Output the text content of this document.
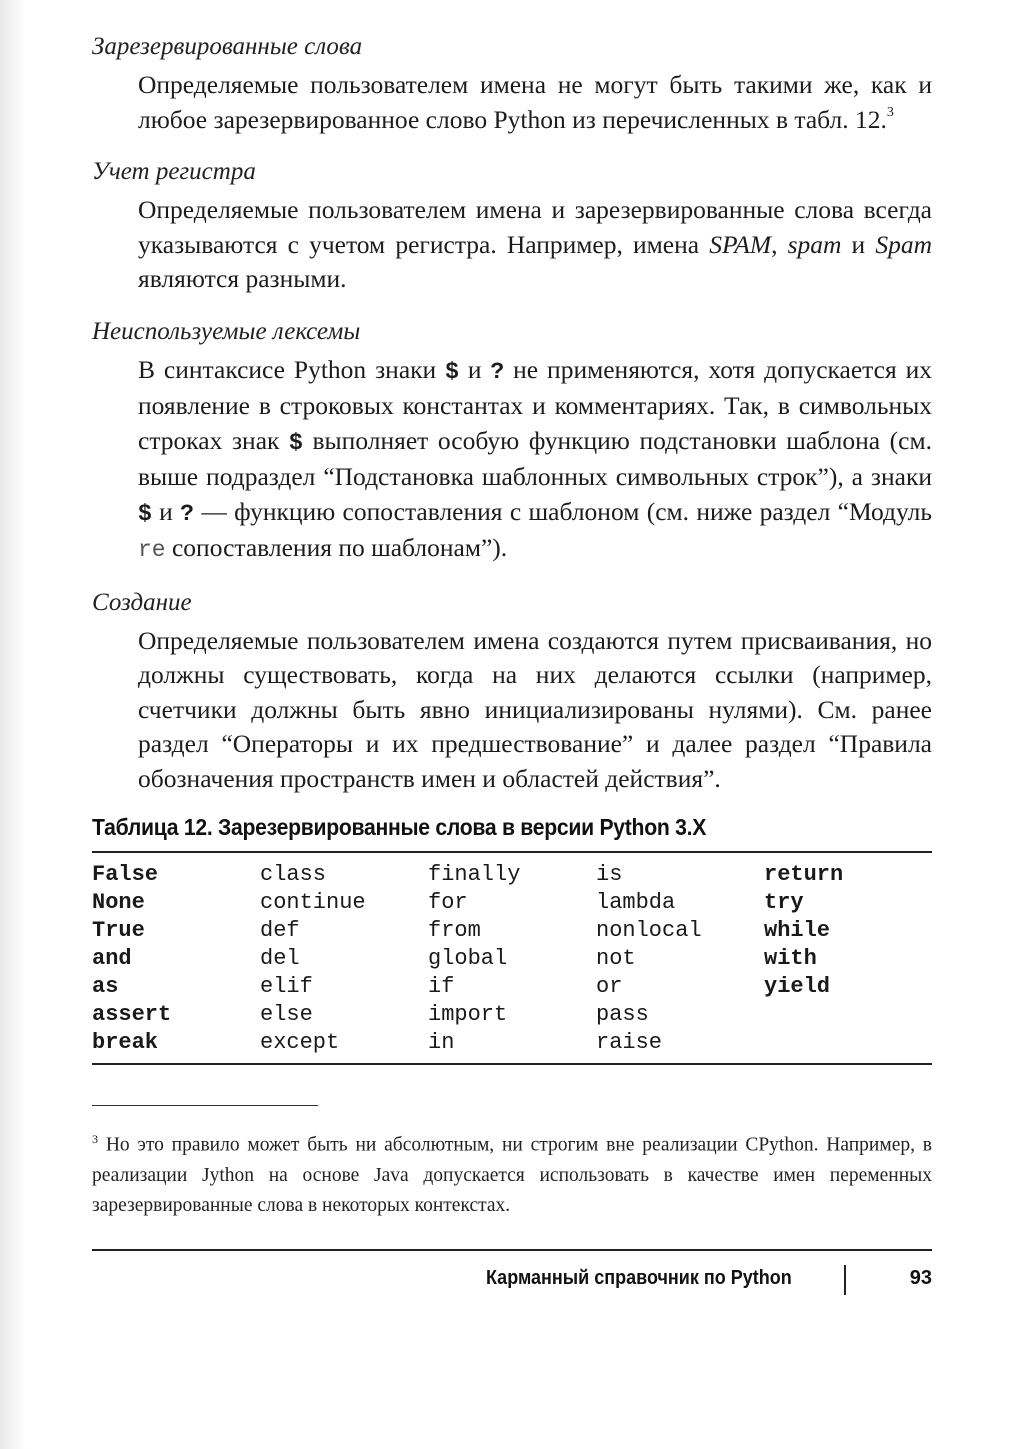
Зарезервированные слова

Определяемые пользователем имена не могут быть такими же, как и любое зарезервированное слово Python из перечисленных в табл. 12.$^3$

Учет регистра

Определяемые пользователем имена и зарезервированные слова всегда указываются с учетом регистра. Например, имена SPAM, spam и Spam являются разными.

Неиспользуемые лексемы

В синтаксисе Python знаки $ и ? не применяются, хотя допускается их появление в строковых константах и комментариях. Так, в символьных строках знак $ выполняет особую функцию подстановки шаблона (см. выше подраздел “Подстановка шаблонных символьных строк”), а знаки $ и ? — функцию сопоставления с шаблоном (см. ниже раздел “Модуль re сопоставления по шаблонам”).

Создание

Определяемые пользователем имена создаются путем присваивания, но должны существовать, когда на них делаются ссылки (например, счетчики должны быть явно инициализированы нулями). См. ранее раздел “Операторы и их предшествование” и далее раздел “Правила обозначения пространств имен и областей действия”.
Таблица 12. Зарезервированные слова в версии Python 3.X
False	class	finally	is	return
None	continue	for	lambda	try
True	def	from	nonlocal	while
and	del	global	not	with
as	elif	if	or	yield
assert	else	import	pass	
break	except	in	raise	
$^3$ Но это правило может быть ни абсолютным, ни строгим вне реализации CPython. Например, в реализации Jython на основе Java допускается использовать в качестве имен переменных зарезервированные слова в некоторых контекстах.
Карманный справочник по Python	93
